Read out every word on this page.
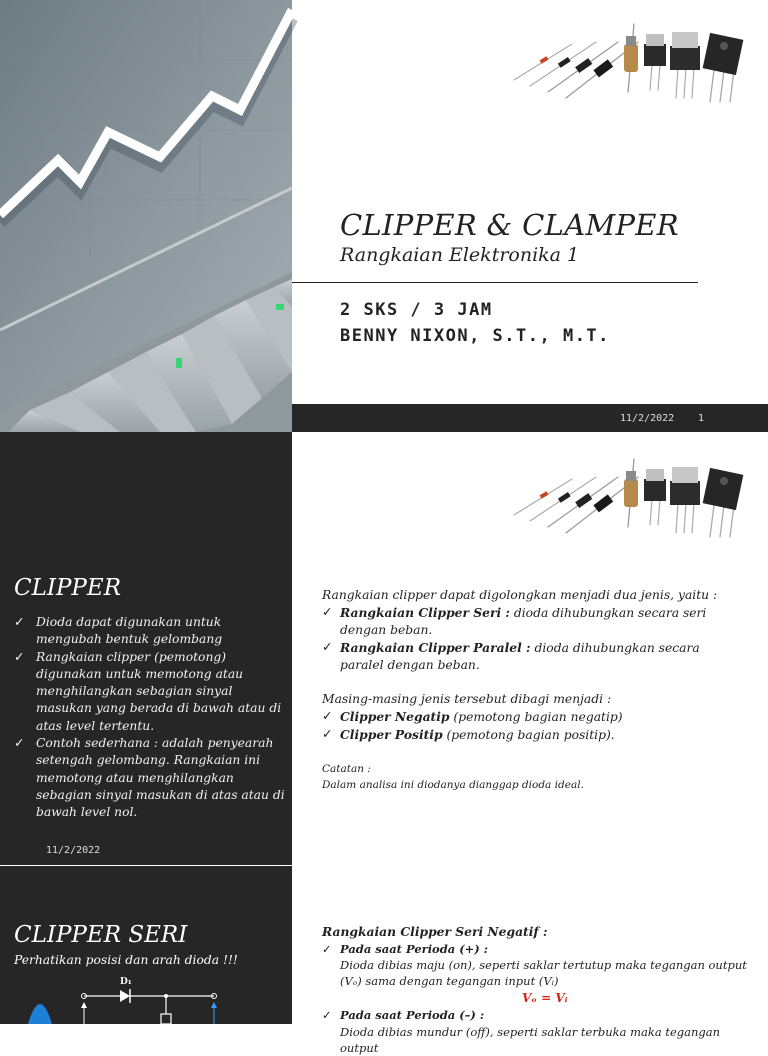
CLIPPER & CLAMPER
Rangkaian Elektronika 1
2 SKS / 3 JAM
BENNY NIXON, S.T., M.T.
11/2/2022 1
CLIPPER
✓ Dioda dapat digunakan untuk mengubah bentuk gelombang
✓ Rangkaian clipper (pemotong) digunakan untuk memotong atau menghilangkan sebagian sinyal masukan yang berada di bawah atau di atas level tertentu.
✓ Contoh sederhana : adalah penyearah setengah gelombang. Rangkaian ini memotong atau menghilangkan sebagian sinyal masukan di atas atau di bawah level nol.
11/2/2022
Rangkaian clipper dapat digolongkan menjadi dua jenis, yaitu :
✓ Rangkaian Clipper Seri : dioda dihubungkan secara seri dengan beban.
✓ Rangkaian Clipper Paralel : dioda dihubungkan secara paralel dengan beban.
Masing-masing jenis tersebut dibagi menjadi :
✓ Clipper Negatip (pemotong bagian negatip)
✓ Clipper Positip (pemotong bagian positip).
Catatan :
Dalam analisa ini diodanya dianggap dioda ideal.
CLIPPER SERI
Perhatikan posisi dan arah dioda !!!
D₁
Rangkaian Clipper Seri Negatif :
✓ Pada saat Perioda (+) :
Dioda dibias maju (on), seperti saklar tertutup maka tegangan output (Vₒ) sama dengan tegangan input (Vᵢ)
Vₒ = Vᵢ
✓ Pada saat Perioda (–) :
Dioda dibias mundur (off), seperti saklar terbuka maka tegangan output
